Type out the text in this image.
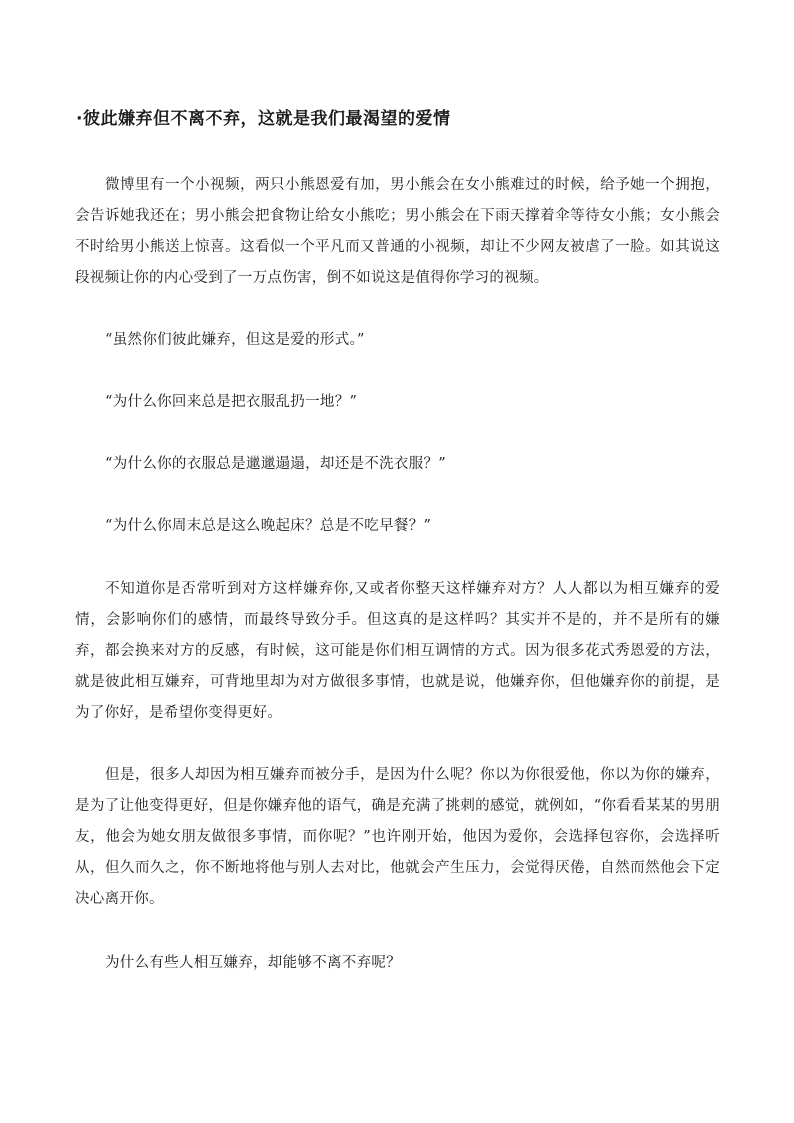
·彼此嫌弃但不离不弃，这就是我们最渴望的爱情

微博里有一个小视频，两只小熊恩爱有加，男小熊会在女小熊难过的时候，给予她一个拥抱，会告诉她我还在；男小熊会把食物让给女小熊吃；男小熊会在下雨天撑着伞等待女小熊；女小熊会不时给男小熊送上惊喜。这看似一个平凡而又普通的小视频，却让不少网友被虐了一脸。如其说这段视频让你的内心受到了一万点伤害，倒不如说这是值得你学习的视频。

“虽然你们彼此嫌弃，但这是爱的形式。”

“为什么你回来总是把衣服乱扔一地？”

“为什么你的衣服总是邋邋遢遢，却还是不洗衣服？”

“为什么你周末总是这么晚起床？总是不吃早餐？”

不知道你是否常听到对方这样嫌弃你,又或者你整天这样嫌弃对方？人人都以为相互嫌弃的爱情，会影响你们的感情，而最终导致分手。但这真的是这样吗？其实并不是的，并不是所有的嫌弃，都会换来对方的反感，有时候，这可能是你们相互调情的方式。因为很多花式秀恩爱的方法，就是彼此相互嫌弃，可背地里却为对方做很多事情，也就是说，他嫌弃你，但他嫌弃你的前提，是为了你好，是希望你变得更好。

但是，很多人却因为相互嫌弃而被分手，是因为什么呢？你以为你很爱他，你以为你的嫌弃，是为了让他变得更好，但是你嫌弃他的语气，确是充满了挑刺的感觉，就例如，“你看看某某的男朋友，他会为她女朋友做很多事情，而你呢？”也许刚开始，他因为爱你，会选择包容你，会选择听从，但久而久之，你不断地将他与别人去对比，他就会产生压力，会觉得厌倦，自然而然他会下定决心离开你。

为什么有些人相互嫌弃，却能够不离不弃呢？
